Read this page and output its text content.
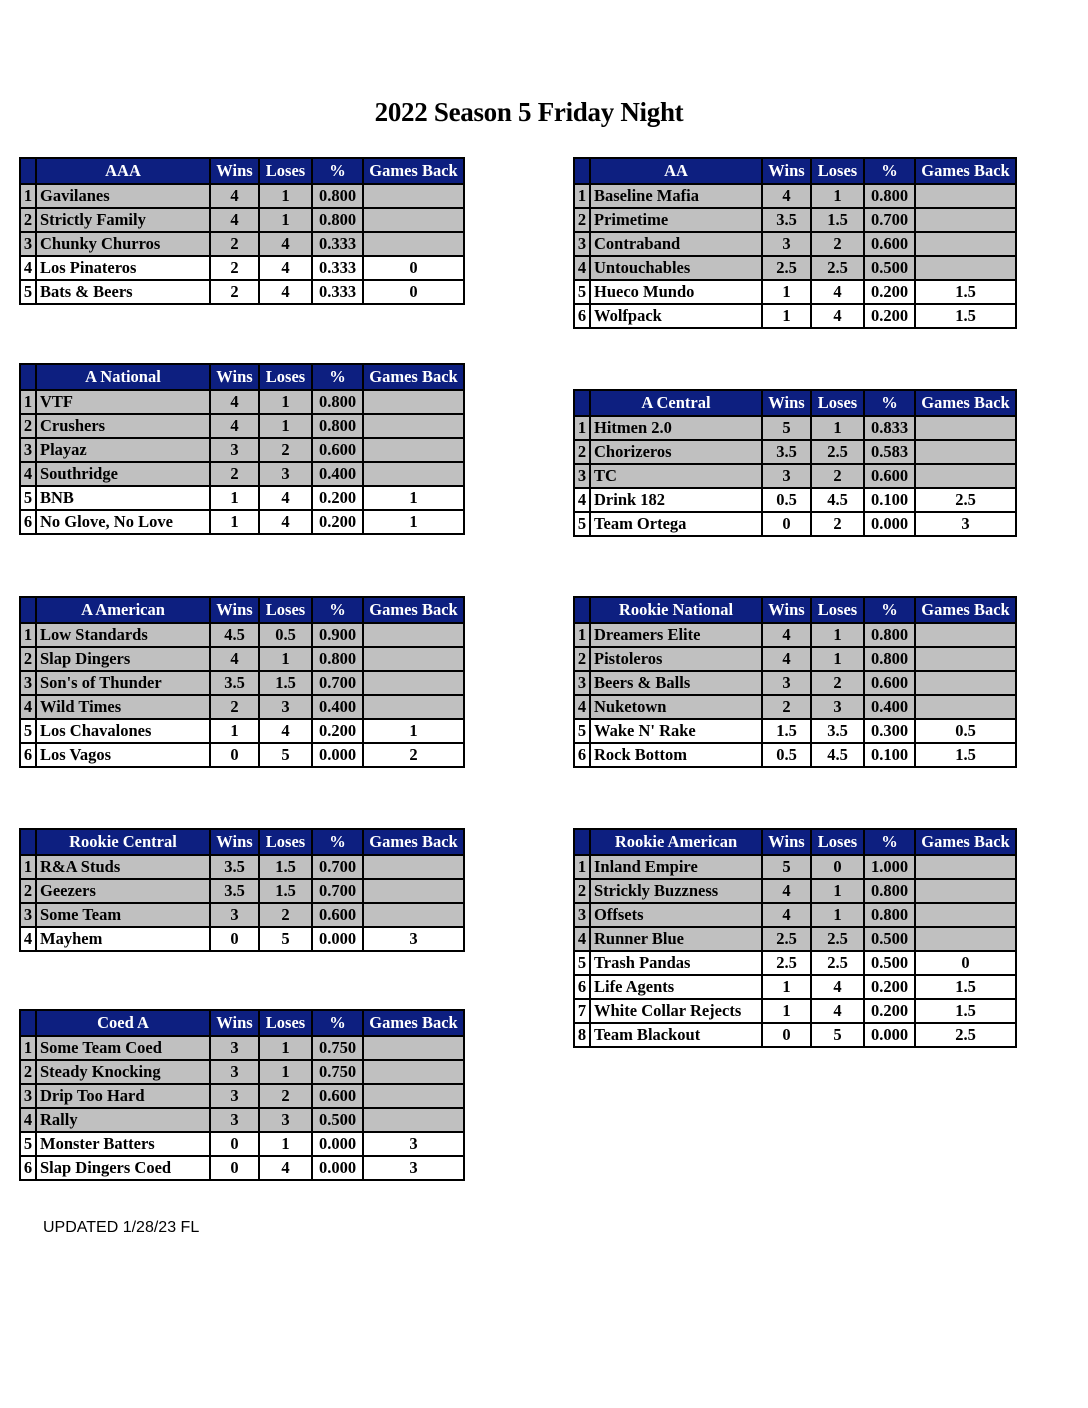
2022 Season 5 Friday Night
	AAA	Wins	Loses	%	Games Back
1	Gavilanes	4	1	0.800	
2	Strictly Family	4	1	0.800	
3	Chunky Churros	2	4	0.333	
4	Los Pinateros	2	4	0.333	0
5	Bats & Beers	2	4	0.333	0
	AA	Wins	Loses	%	Games Back
1	Baseline Mafia	4	1	0.800	
2	Primetime	3.5	1.5	0.700	
3	Contraband	3	2	0.600	
4	Untouchables	2.5	2.5	0.500	
5	Hueco Mundo	1	4	0.200	1.5
6	Wolfpack	1	4	0.200	1.5
	A National	Wins	Loses	%	Games Back
1	VTF	4	1	0.800	
2	Crushers	4	1	0.800	
3	Playaz	3	2	0.600	
4	Southridge	2	3	0.400	
5	BNB	1	4	0.200	1
6	No Glove, No Love	1	4	0.200	1
	A Central	Wins	Loses	%	Games Back
1	Hitmen 2.0	5	1	0.833	
2	Chorizeros	3.5	2.5	0.583	
3	TC	3	2	0.600	
4	Drink 182	0.5	4.5	0.100	2.5
5	Team Ortega	0	2	0.000	3
	A American	Wins	Loses	%	Games Back
1	Low Standards	4.5	0.5	0.900	
2	Slap Dingers	4	1	0.800	
3	Son's of Thunder	3.5	1.5	0.700	
4	Wild Times	2	3	0.400	
5	Los Chavalones	1	4	0.200	1
6	Los Vagos	0	5	0.000	2
	Rookie National	Wins	Loses	%	Games Back
1	Dreamers Elite	4	1	0.800	
2	Pistoleros	4	1	0.800	
3	Beers & Balls	3	2	0.600	
4	Nuketown	2	3	0.400	
5	Wake N' Rake	1.5	3.5	0.300	0.5
6	Rock Bottom	0.5	4.5	0.100	1.5
	Rookie Central	Wins	Loses	%	Games Back
1	R&A Studs	3.5	1.5	0.700	
2	Geezers	3.5	1.5	0.700	
3	Some Team	3	2	0.600	
4	Mayhem	0	5	0.000	3
	Rookie American	Wins	Loses	%	Games Back
1	Inland Empire	5	0	1.000	
2	Strickly Buzzness	4	1	0.800	
3	Offsets	4	1	0.800	
4	Runner Blue	2.5	2.5	0.500	
5	Trash Pandas	2.5	2.5	0.500	0
6	Life Agents	1	4	0.200	1.5
7	White Collar Rejects	1	4	0.200	1.5
8	Team Blackout	0	5	0.000	2.5
	Coed A	Wins	Loses	%	Games Back
1	Some Team Coed	3	1	0.750	
2	Steady Knocking	3	1	0.750	
3	Drip Too Hard	3	2	0.600	
4	Rally	3	3	0.500	
5	Monster Batters	0	1	0.000	3
6	Slap Dingers Coed	0	4	0.000	3
UPDATED 1/28/23 FL
